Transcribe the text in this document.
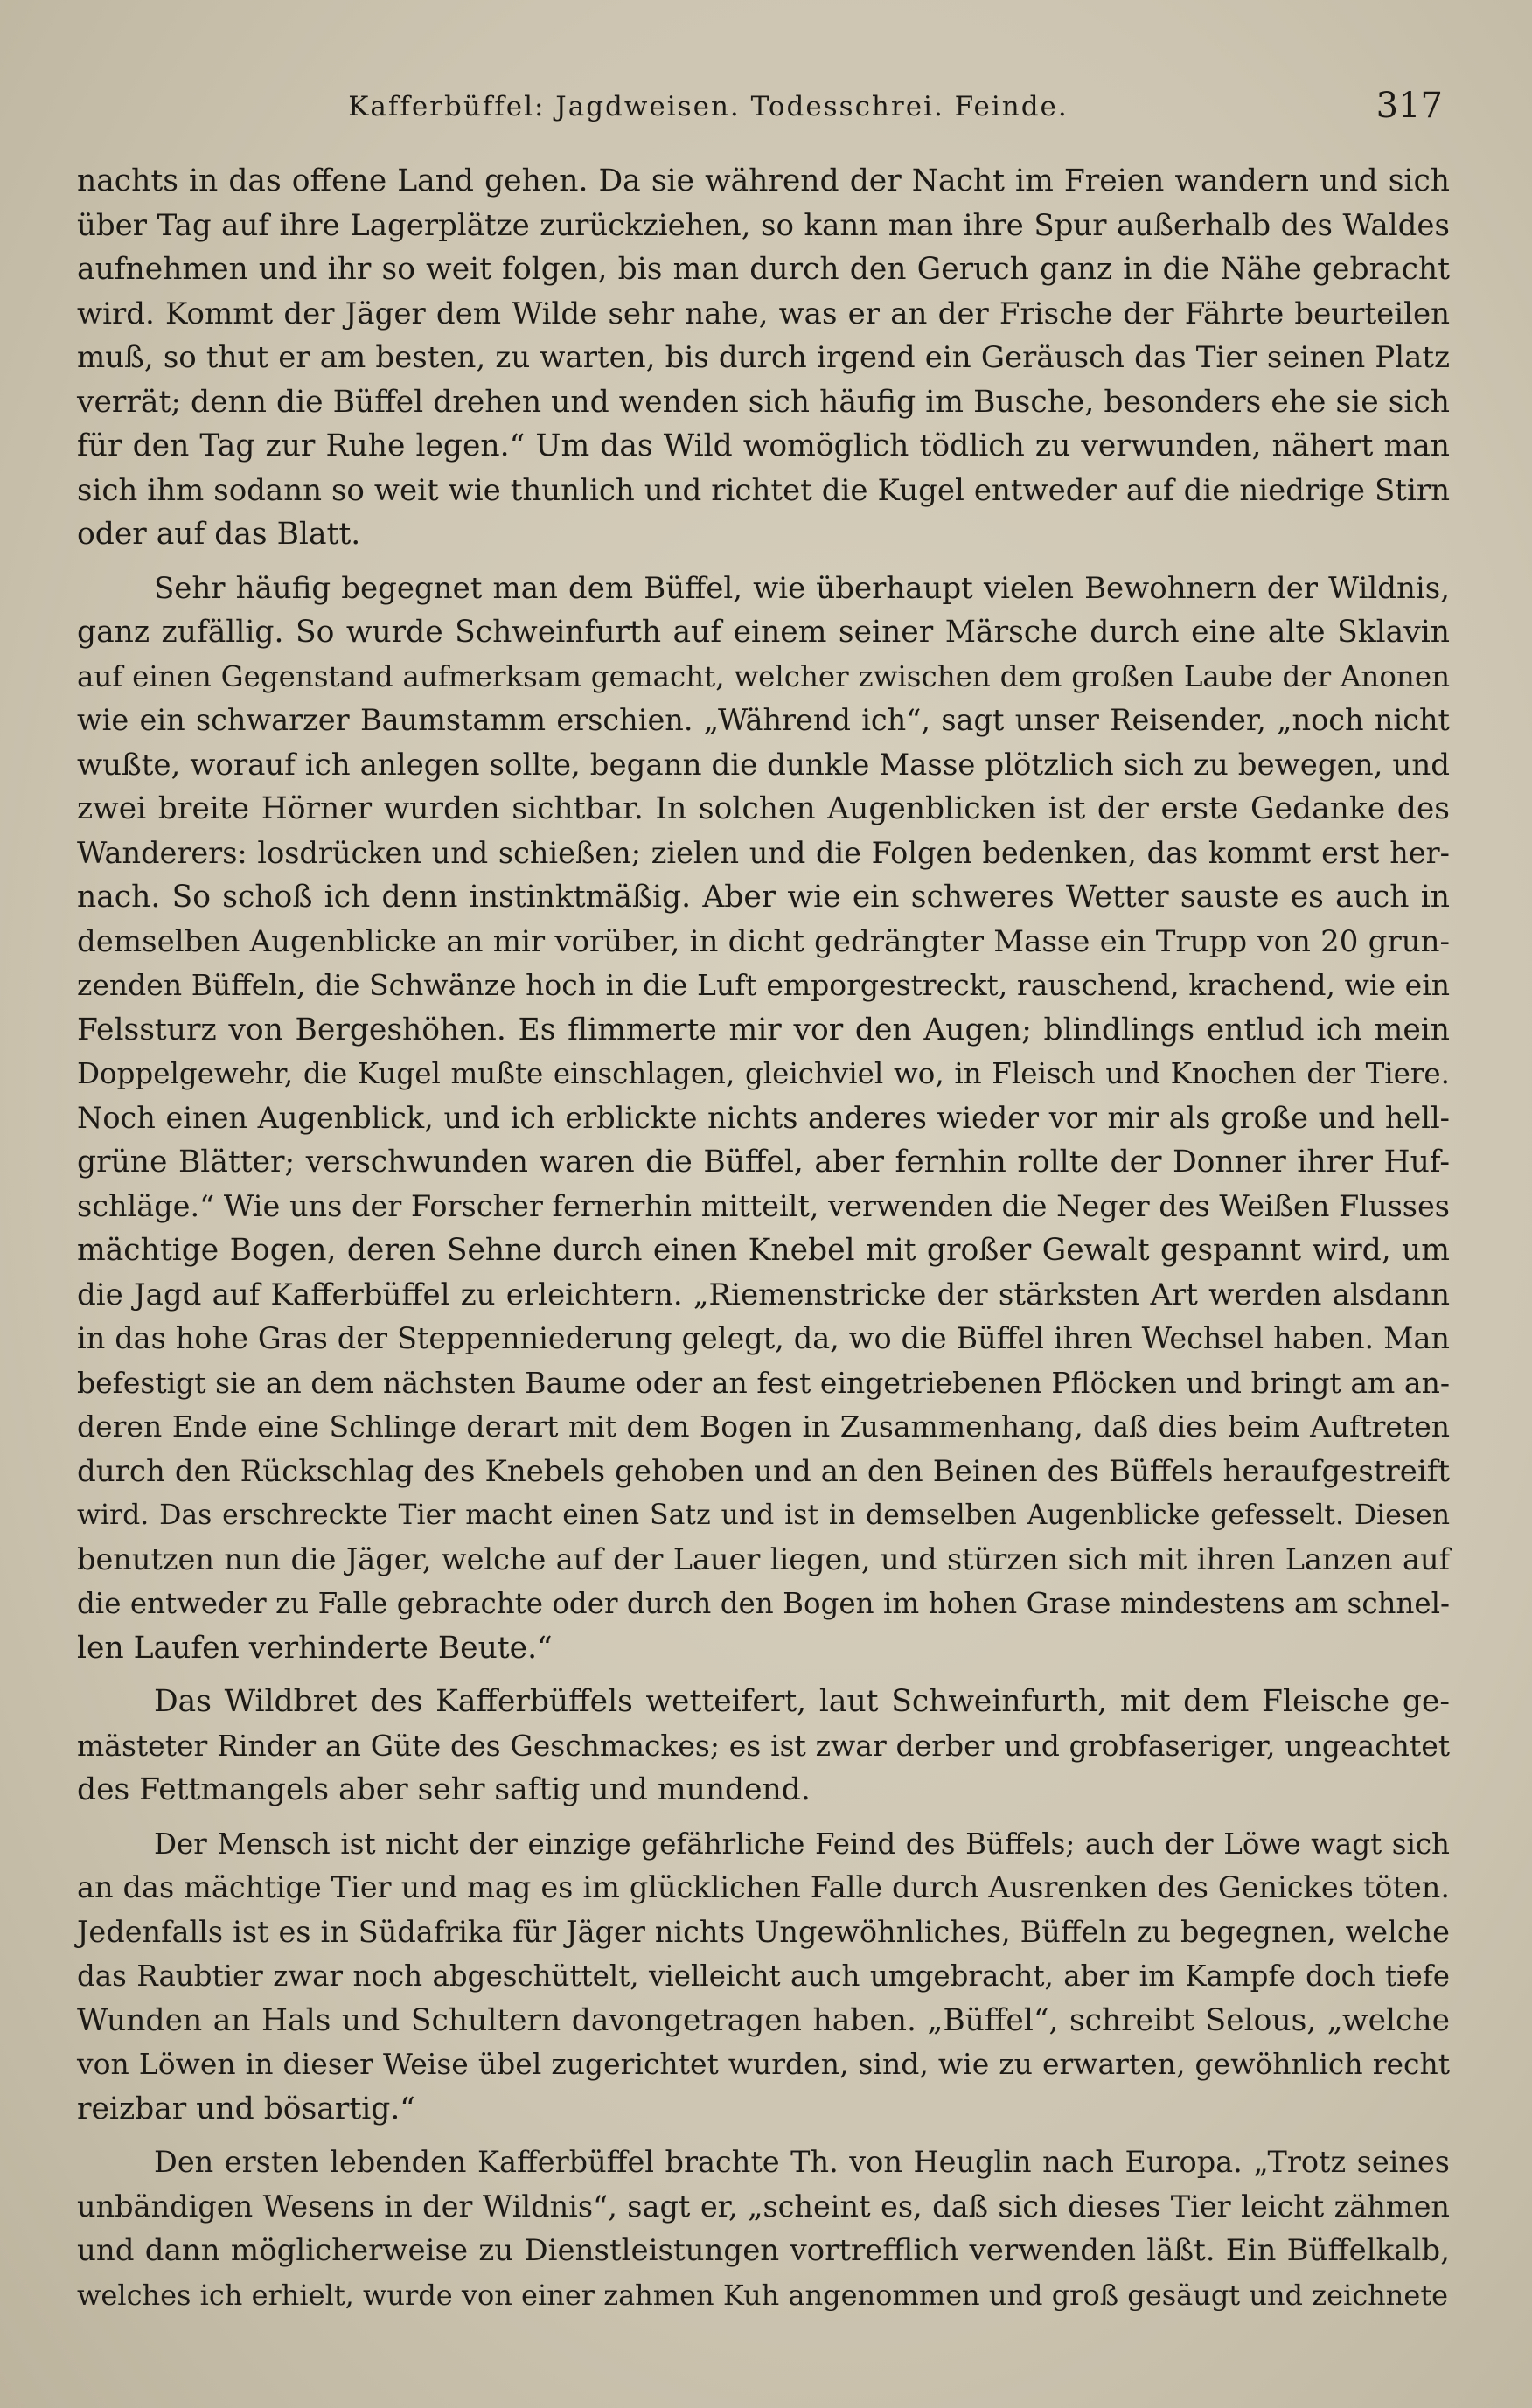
Kafferbüffel: Jagdweisen. Todesschrei. Feinde.	317
nachts in das offene Land gehen. Da sie während der Nacht im Freien wandern und sich
über Tag auf ihre Lagerplätze zurückziehen, so kann man ihre Spur außerhalb des Waldes
aufnehmen und ihr so weit folgen, bis man durch den Geruch ganz in die Nähe gebracht
wird. Kommt der Jäger dem Wilde sehr nahe, was er an der Frische der Fährte beurteilen
muß, so thut er am besten, zu warten, bis durch irgend ein Geräusch das Tier seinen Platz
verrät; denn die Büffel drehen und wenden sich häufig im Busche, besonders ehe sie sich
für den Tag zur Ruhe legen.“ Um das Wild womöglich tödlich zu verwunden, nähert man
sich ihm sodann so weit wie thunlich und richtet die Kugel entweder auf die niedrige Stirn
oder auf das Blatt.
Sehr häufig begegnet man dem Büffel, wie überhaupt vielen Bewohnern der Wildnis,
ganz zufällig. So wurde Schweinfurth auf einem seiner Märsche durch eine alte Sklavin
auf einen Gegenstand aufmerksam gemacht, welcher zwischen dem großen Laube der Anonen
wie ein schwarzer Baumstamm erschien. „Während ich“, sagt unser Reisender, „noch nicht
wußte, worauf ich anlegen sollte, begann die dunkle Masse plötzlich sich zu bewegen, und
zwei breite Hörner wurden sichtbar. In solchen Augenblicken ist der erste Gedanke des
Wanderers: losdrücken und schießen; zielen und die Folgen bedenken, das kommt erst her-
nach. So schoß ich denn instinktmäßig. Aber wie ein schweres Wetter sauste es auch in
demselben Augenblicke an mir vorüber, in dicht gedrängter Masse ein Trupp von 20 grun-
zenden Büffeln, die Schwänze hoch in die Luft emporgestreckt, rauschend, krachend, wie ein
Felssturz von Bergeshöhen. Es flimmerte mir vor den Augen; blindlings entlud ich mein
Doppelgewehr, die Kugel mußte einschlagen, gleichviel wo, in Fleisch und Knochen der Tiere.
Noch einen Augenblick, und ich erblickte nichts anderes wieder vor mir als große und hell-
grüne Blätter; verschwunden waren die Büffel, aber fernhin rollte der Donner ihrer Huf-
schläge.“ Wie uns der Forscher fernerhin mitteilt, verwenden die Neger des Weißen Flusses
mächtige Bogen, deren Sehne durch einen Knebel mit großer Gewalt gespannt wird, um
die Jagd auf Kafferbüffel zu erleichtern. „Riemenstricke der stärksten Art werden alsdann
in das hohe Gras der Steppenniederung gelegt, da, wo die Büffel ihren Wechsel haben. Man
befestigt sie an dem nächsten Baume oder an fest eingetriebenen Pflöcken und bringt am an-
deren Ende eine Schlinge derart mit dem Bogen in Zusammenhang, daß dies beim Auftreten
durch den Rückschlag des Knebels gehoben und an den Beinen des Büffels heraufgestreift
wird. Das erschreckte Tier macht einen Satz und ist in demselben Augenblicke gefesselt. Diesen
benutzen nun die Jäger, welche auf der Lauer liegen, und stürzen sich mit ihren Lanzen auf
die entweder zu Falle gebrachte oder durch den Bogen im hohen Grase mindestens am schnel-
len Laufen verhinderte Beute.“
Das Wildbret des Kafferbüffels wetteifert, laut Schweinfurth, mit dem Fleische ge-
mästeter Rinder an Güte des Geschmackes; es ist zwar derber und grobfaseriger, ungeachtet
des Fettmangels aber sehr saftig und mundend.
Der Mensch ist nicht der einzige gefährliche Feind des Büffels; auch der Löwe wagt sich
an das mächtige Tier und mag es im glücklichen Falle durch Ausrenken des Genickes töten.
Jedenfalls ist es in Südafrika für Jäger nichts Ungewöhnliches, Büffeln zu begegnen, welche
das Raubtier zwar noch abgeschüttelt, vielleicht auch umgebracht, aber im Kampfe doch tiefe
Wunden an Hals und Schultern davongetragen haben. „Büffel“, schreibt Selous, „welche
von Löwen in dieser Weise übel zugerichtet wurden, sind, wie zu erwarten, gewöhnlich recht
reizbar und bösartig.“
Den ersten lebenden Kafferbüffel brachte Th. von Heuglin nach Europa. „Trotz seines
unbändigen Wesens in der Wildnis“, sagt er, „scheint es, daß sich dieses Tier leicht zähmen
und dann möglicherweise zu Dienstleistungen vortrefflich verwenden läßt. Ein Büffelkalb,
welches ich erhielt, wurde von einer zahmen Kuh angenommen und groß gesäugt und zeichnete
